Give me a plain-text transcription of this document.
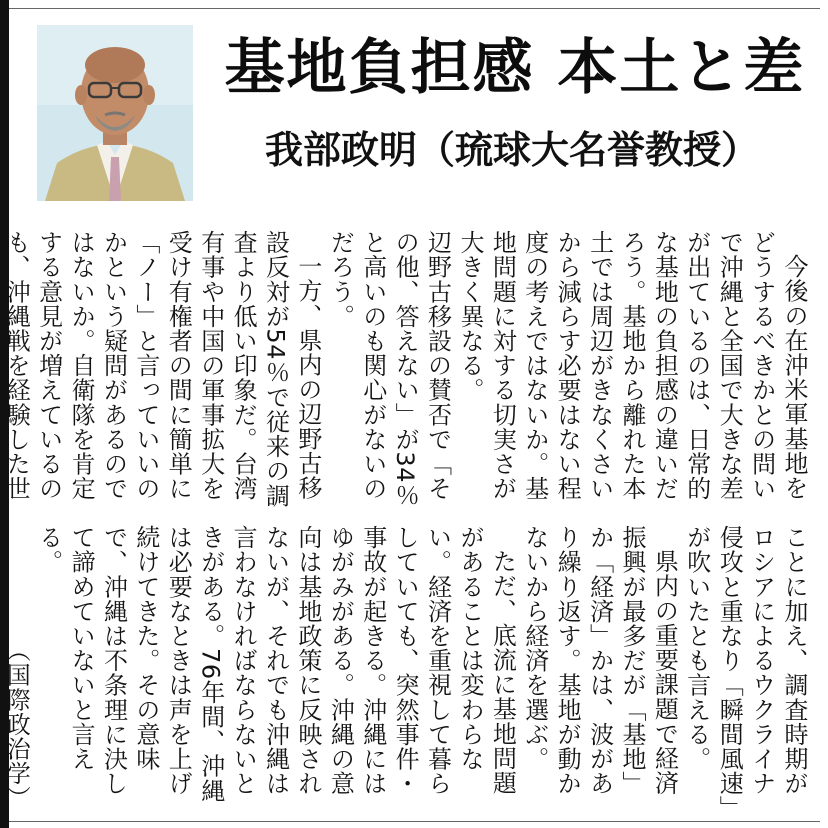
基地負担感 本土と差
我部政明（琉球大名誉教授）

今後の在沖米軍基地をどうするべきかとの問いで沖縄と全国で大きな差が出ているのは、日常的な基地の負担感の違いだろう。基地から離れた本土では周辺がきなくさいから減らす必要はない程度の考えではないか。基地問題に対する切実さが大きく異なる。

辺野古移設の賛否で「その他、答えない」が34％と高いのも関心がないのだろう。

一方、県内の辺野古移設反対が54％で従来の調査より低い印象だ。台湾有事や中国の軍事拡大を受け有権者の間に簡単に「ノー」と言っていいのかという疑問があるのではないか。自衛隊を肯定する意見が増えているのも、沖縄戦を経験した世

ことに加え、調査時期がロシアによるウクライナ侵攻と重なり「瞬間風速」が吹いたとも言える。

県内の重要課題で経済振興が最多だが「基地」か「経済」かは、波があり繰り返す。基地が動かないから経済を選ぶ。

ただ、底流に基地問題があることは変わらない。経済を重視して暮らしていても、突然事件・事故が起きる。沖縄にはゆがみがある。沖縄の意向は基地政策に反映されないが、それでも沖縄は言わなければならないときがある。76年間、沖縄は必要なときは声を上げ続けてきた。その意味で、沖縄は不条理に決して諦めていないと言える。

（国際政治学）
